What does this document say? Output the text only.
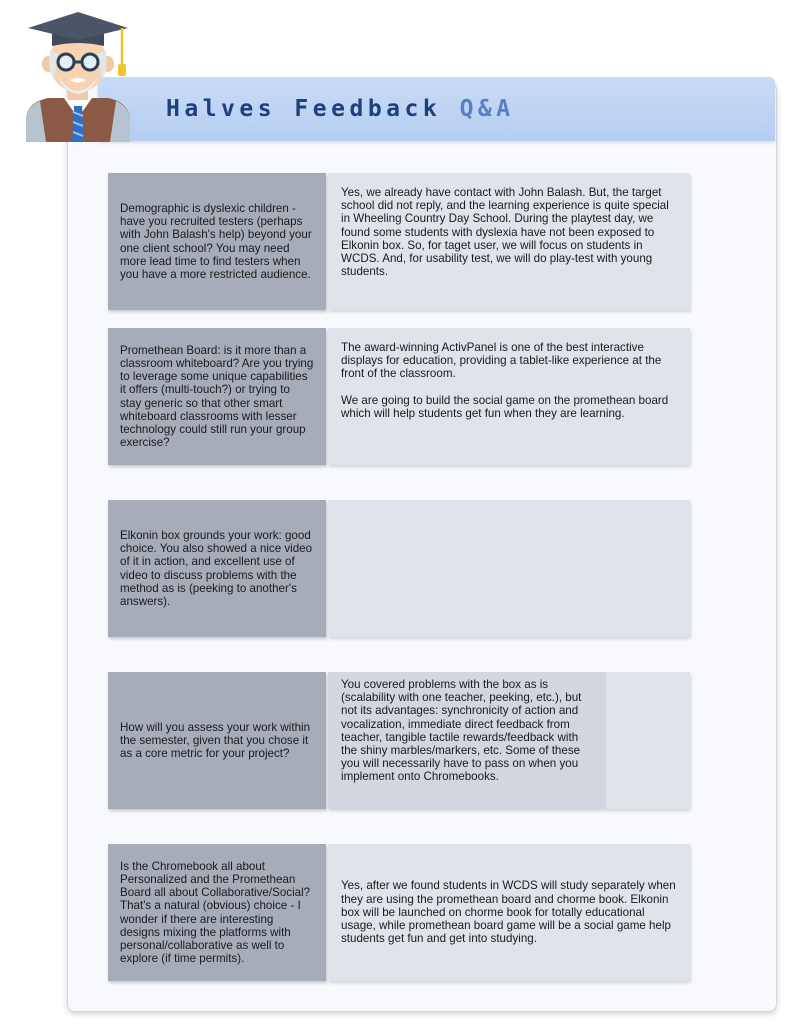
Halves Feedback Q&A
Demographic is dyslexic children - have you recruited testers (perhaps with John Balash's help) beyond your one client school? You may need more lead time to find testers when you have a more restricted audience.
Yes, we already have contact with John Balash. But, the target school did not reply, and the learning experience is quite special in Wheeling Country Day School. During the playtest day, we found some students with dyslexia have not been exposed to Elkonin box. So, for taget user, we will focus on students in WCDS. And, for usability test, we will do play-test with young students.
Promethean Board: is it more than a classroom whiteboard? Are you trying to leverage some unique capabilities it offers (multi-touch?) or trying to stay generic so that other smart whiteboard classrooms with lesser technology could still run your group exercise?
The award-winning ActivPanel is one of the best interactive displays for education, providing a tablet-like experience at the front of the classroom.
We are going to build the social game on the promethean board which will help students get fun when they are learning.
Elkonin box grounds your work: good choice. You also showed a nice video of it in action, and excellent use of video to discuss problems with the method as is (peeking to another's answers).
How will you assess your work within the semester, given that you chose it as a core metric for your project?
You covered problems with the box as is (scalability with one teacher, peeking, etc.), but not its advantages: synchronicity of action and vocalization, immediate direct feedback from teacher, tangible tactile rewards/feedback with the shiny marbles/markers, etc. Some of these you will necessarily have to pass on when you implement onto Chromebooks.
Is the Chromebook all about Personalized and the Promethean Board all about Collaborative/Social? That's a natural (obvious) choice - I wonder if there are interesting designs mixing the platforms with personal/collaborative as well to explore (if time permits).
Yes, after we found students in WCDS will study separately when they are using the promethean board and chorme book. Elkonin box will be launched on chorme book for totally educational usage, while promethean board game will be a social game help students get fun and get into studying.
